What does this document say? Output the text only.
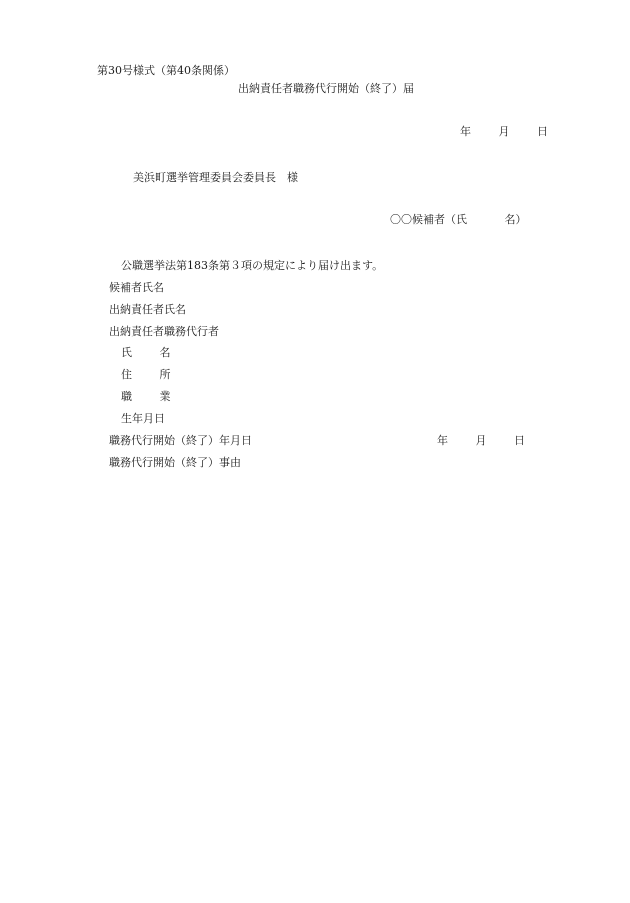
第30号様式（第40条関係）
出納責任者職務代行開始（終了）届
年	月	日
美浜町選挙管理委員会委員長　様
〇〇候補者（氏	名）
公職選挙法第183条第３項の規定により届け出ます。
候補者氏名
出納責任者氏名
出納責任者職務代行者
氏	名
住	所
職	業
生年月日
職務代行開始（終了）年月日	年	月	日
職務代行開始（終了）事由
